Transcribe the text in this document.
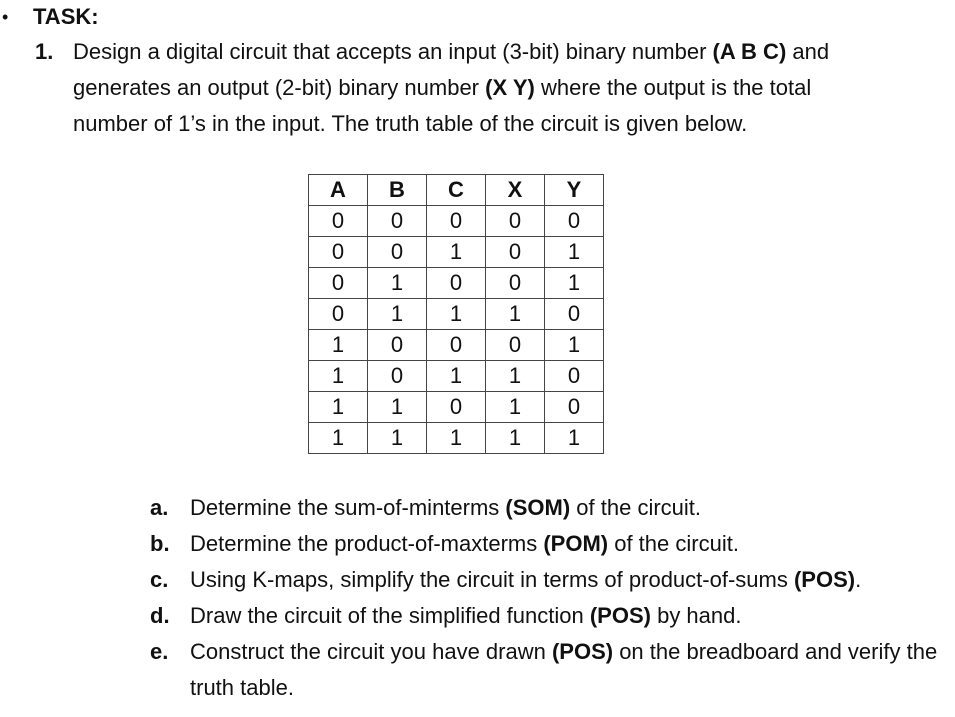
•	TASK:
1. Design a digital circuit that accepts an input (3-bit) binary number (A B C) and
generates an output (2-bit) binary number (X Y) where the output is the total
number of 1’s in the input. The truth table of the circuit is given below.
A	B	C	X	Y
0	0	0	0	0
0	0	1	0	1
0	1	0	0	1
0	1	1	1	0
1	0	0	0	1
1	0	1	1	0
1	1	0	1	0
1	1	1	1	1
a. Determine the sum-of-minterms (SOM) of the circuit.
b. Determine the product-of-maxterms (POM) of the circuit.
c. Using K-maps, simplify the circuit in terms of product-of-sums (POS).
d. Draw the circuit of the simplified function (POS) by hand.
e. Construct the circuit you have drawn (POS) on the breadboard and verify the truth table.
